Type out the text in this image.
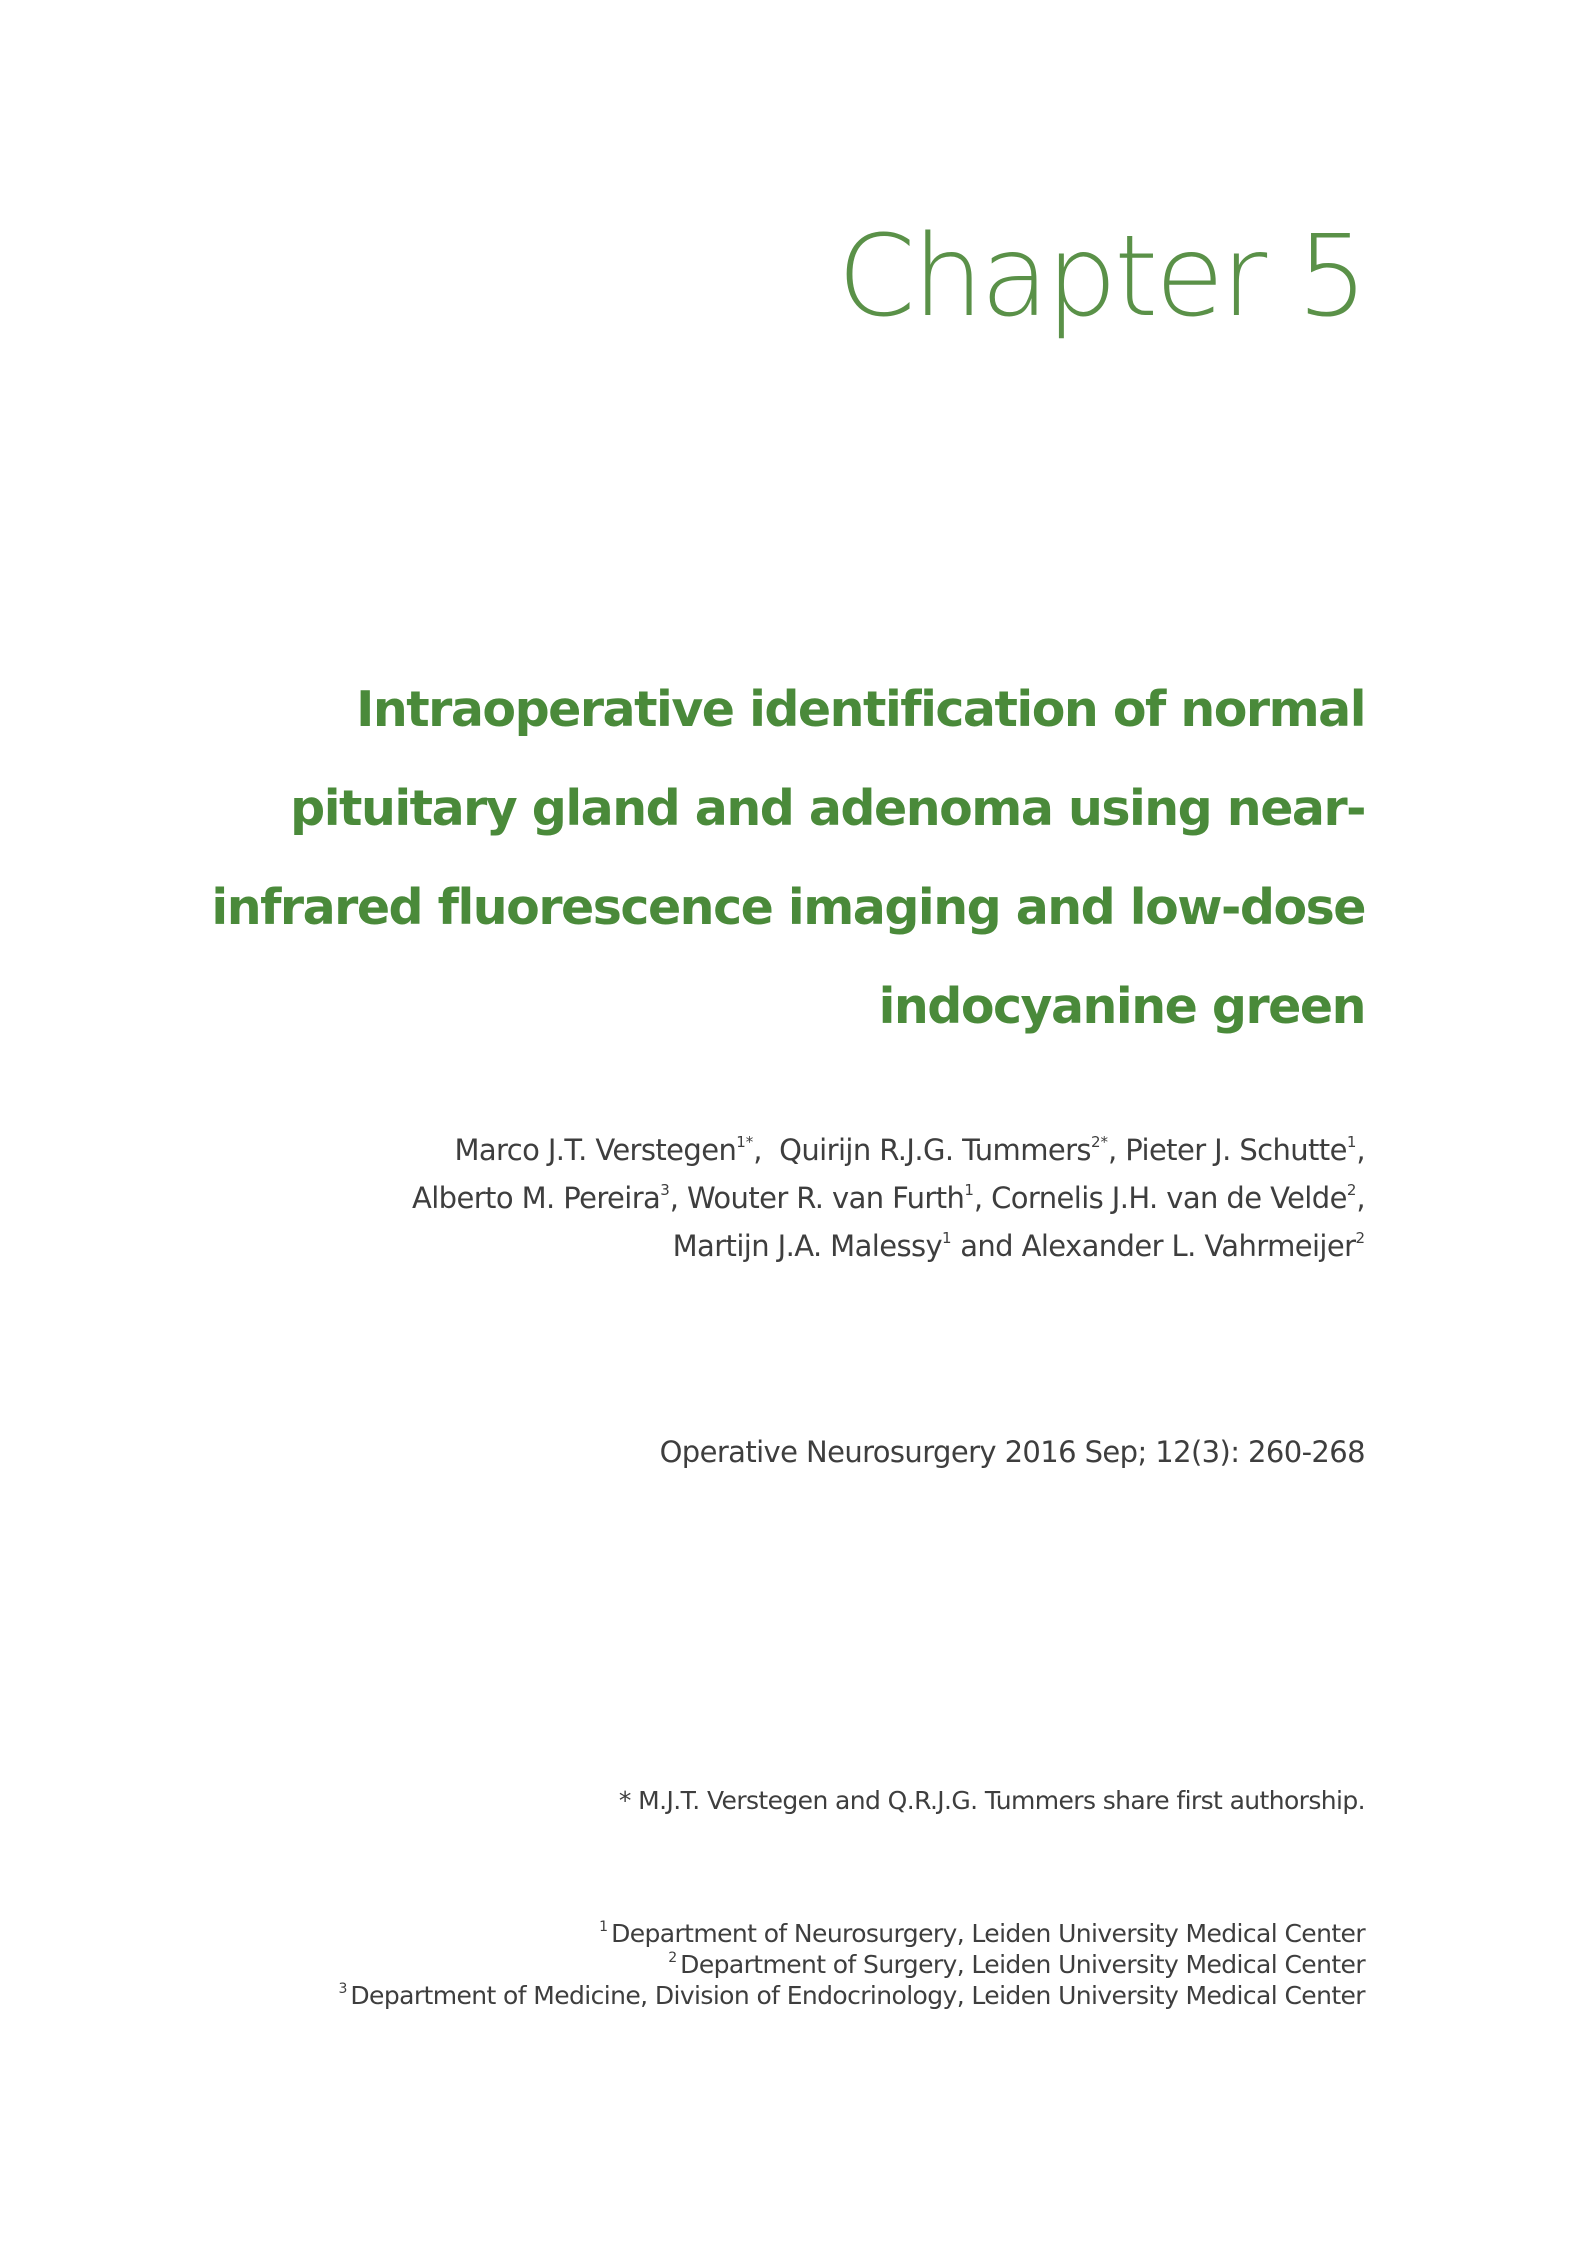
Chapter 5
Intraoperative identification of normal
pituitary gland and adenoma using near-
infrared fluorescence imaging and low-dose
indocyanine green
Marco J.T. Verstegen$^{1*}$,  Quirijn R.J.G. Tummers$^{2*}$, Pieter J. Schutte$^1$,
Alberto M. Pereira$^3$, Wouter R. van Furth$^1$, Cornelis J.H. van de Velde$^2$,
Martijn J.A. Malessy$^1$ and Alexander L. Vahrmeijer$^2$
Operative Neurosurgery 2016 Sep; 12(3): 260-268
* M.J.T. Verstegen and Q.R.J.G. Tummers share first authorship.
$^1$ Department of Neurosurgery, Leiden University Medical Center
$^2$ Department of Surgery, Leiden University Medical Center
$^3$ Department of Medicine, Division of Endocrinology, Leiden University Medical Center
